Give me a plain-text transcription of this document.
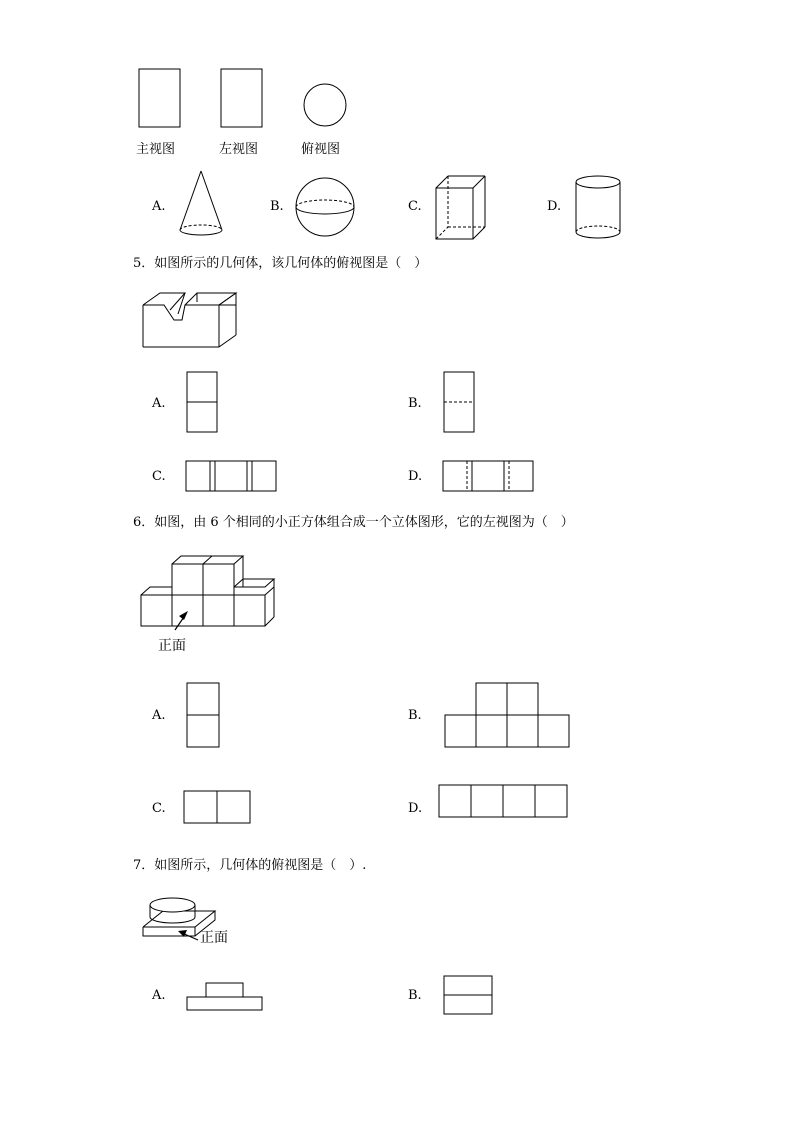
主视图	左视图	俯视图
A.	B.	C.	D.
5．如图所示的几何体，该几何体的俯视图是（　）
A.	B.
C.	D.
6．如图，由 6 个相同的小正方体组合成一个立体图形，它的左视图为（　）
正面
A.	B.
C.	D.
7．如图所示，几何体的俯视图是（　）.
正面
A.	B.
